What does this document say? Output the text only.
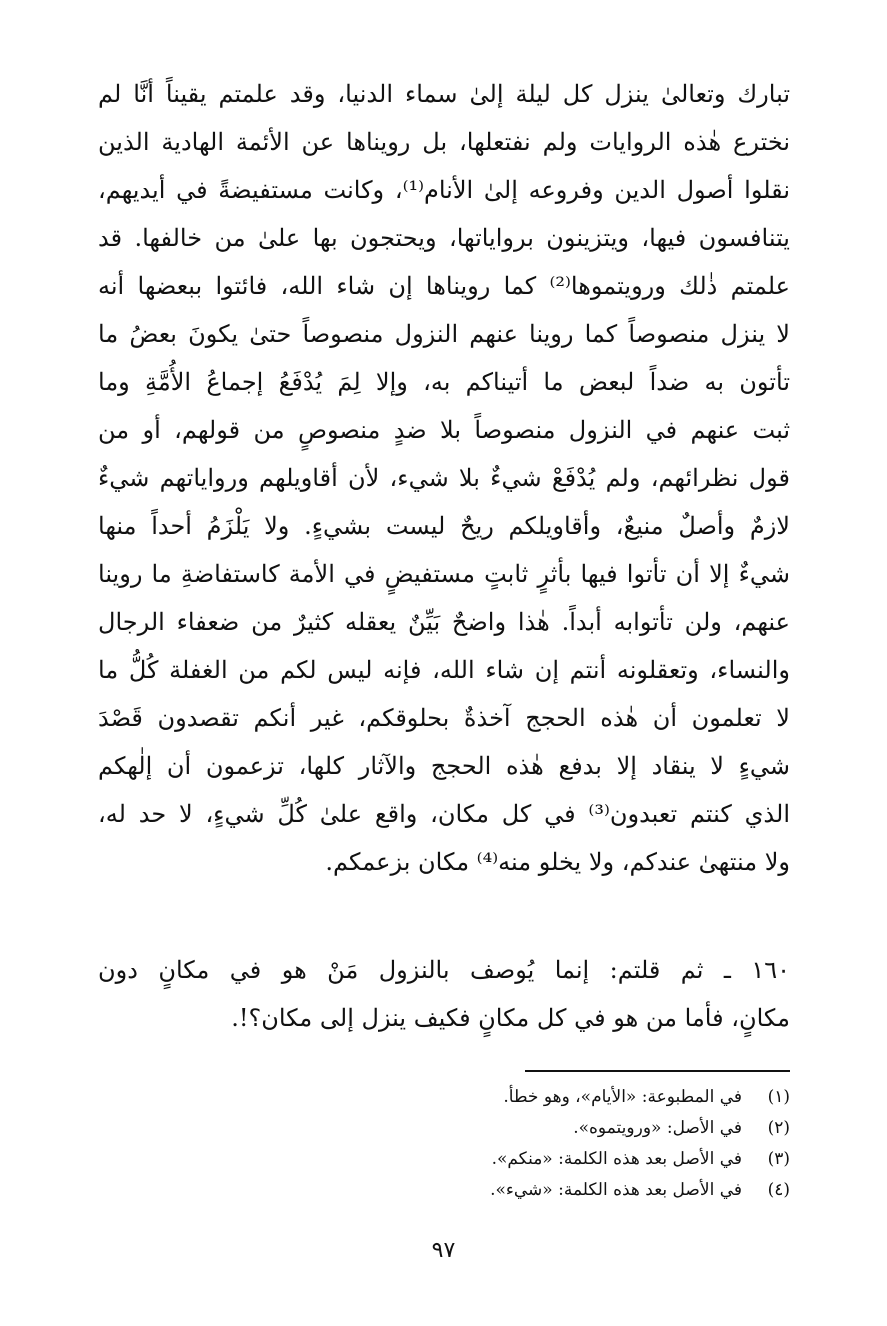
تبارك وتعالىٰ ينزل كل ليلة إلىٰ سماء الدنيا، وقد علمتم يقيناً أنَّا لم
نخترع هٰذه الروايات ولم نفتعلها، بل رويناها عن الأئمة الهادية الذين
نقلوا أصول الدين وفروعه إلىٰ الأنام⁽¹⁾، وكانت مستفيضةً في أيديهم،
يتنافسون فيها، ويتزينون برواياتها، ويحتجون بها علىٰ من خالفها. قد
علمتم ذٰلك ورويتموها⁽²⁾ كما رويناها إن شاء الله، فائتوا ببعضها أنه
لا ينزل منصوصاً كما روينا عنهم النزول منصوصاً حتىٰ يكونَ بعضُ ما
تأتون به ضداً لبعض ما أتيناكم به، وإلا لِمَ يُدْفَعُ إجماعُ الأُمَّةِ وما
ثبت عنهم في النزول منصوصاً بلا ضدٍ منصوصٍ من قولهم، أو من
قول نظرائهم، ولم يُدْفَعْ شيءٌ بلا شيء، لأن أقاويلهم ورواياتهم شيءٌ
لازمٌ وأصلٌ منيعٌ، وأقاويلكم ريحٌ ليست بشيءٍ. ولا يَلْزَمُ أحداً منها
شيءٌ إلا أن تأتوا فيها بأثرٍ ثابتٍ مستفيضٍ في الأمة كاستفاضةِ ما روينا
عنهم، ولن تأتوابه أبداً. هٰذا واضحٌ بَيِّنٌ يعقله كثيرٌ من ضعفاء الرجال
والنساء، وتعقلونه أنتم إن شاء الله، فإنه ليس لكم من الغفلة كُلُّ ما
لا تعلمون أن هٰذه الحجج آخذةٌ بحلوقكم، غير أنكم تقصدون قَصْدَ
شيءٍ لا ينقاد إلا بدفع هٰذه الحجج والآثار كلها، تزعمون أن إلٰهكم
الذي كنتم تعبدون⁽³⁾ في كل مكان، واقع علىٰ كُلِّ شيءٍ، لا حد له،
ولا منتهىٰ عندكم، ولا يخلو منه⁽⁴⁾ مكان بزعمكم.

١٦٠ ـ ثم قلتم: إنما يُوصف بالنزول مَنْ هو في مكانٍ دون
مكانٍ، فأما من هو في كل مكانٍ فكيف ينزل إلى مكان؟!.

(١)
في المطبوعة: «الأيام»، وهو خطأ.
(٢)
في الأصل: «ورويتموه».
(٣)
في الأصل بعد هذه الكلمة: «منكم».
(٤)
في الأصل بعد هذه الكلمة: «شيء».
٩٧
